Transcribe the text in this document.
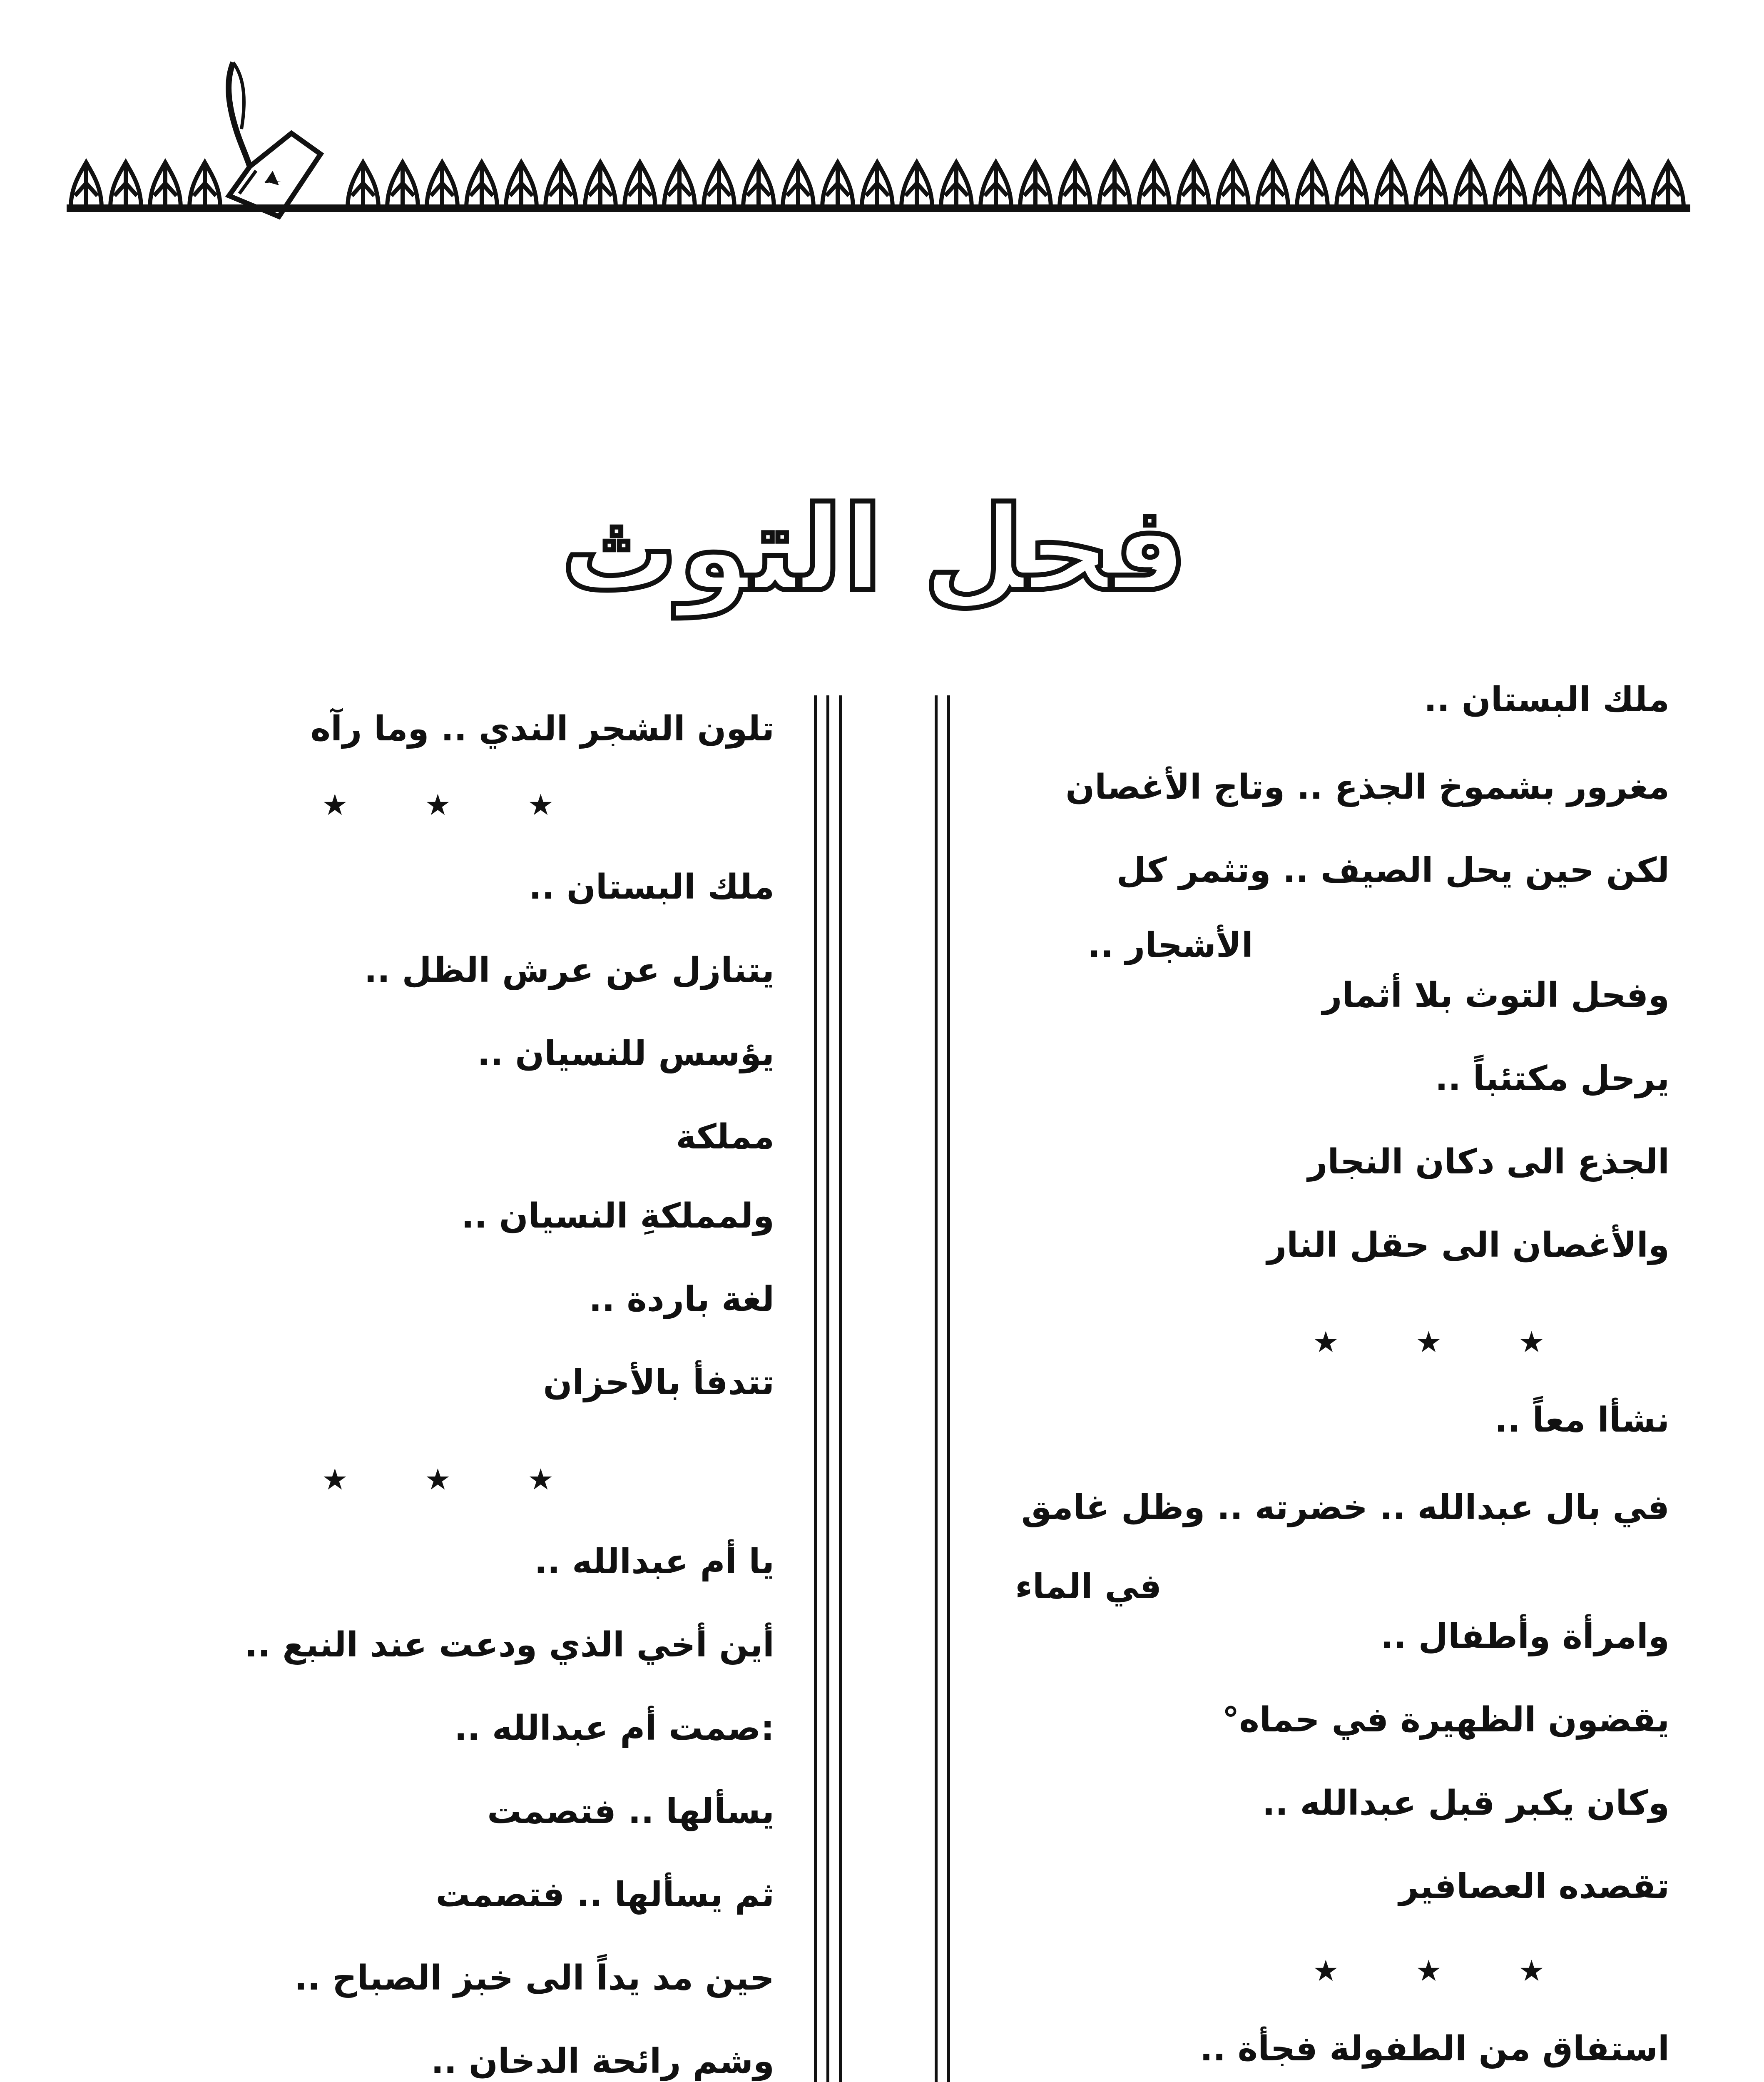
فحل التوث
ملك البستان ..
مغرور بشموخ الجذع .. وتاج الأغصان
لكن حين يحل الصيف .. وتثمر كل
الأشجار ..
وفحل التوث بلا أثمار
يرحل مكتئباً ..
الجذع الى دكان النجار
والأغصان الى حقل النار
★ ★ ★
نشأا معاً ..
في بال عبدالله .. خضرته .. وظل غامق
في الماء
وامرأة وأطفال ..
يقضون الظهيرة في حماه°
وكان يكبر قبل عبدالله ..
تقصده العصافير
★ ★ ★
استفاق من الطفولة فجأة ..
تلون الشجر الندي .. وما رآه
★ ★ ★
ملك البستان ..
يتنازل عن عرش الظل ..
يؤسس للنسيان ..
مملكة
ولمملكةِ النسيان ..
لغة باردة ..
تتدفأ بالأحزان
★ ★ ★
يا أم عبدالله ..
أين أخي الذي ودعت عند النبع ..
:صمت أم عبدالله ..
يسألها .. فتصمت
ثم يسألها .. فتصمت
حين مد يداً الى خبز الصباح ..
وشم رائحة الدخان ..
